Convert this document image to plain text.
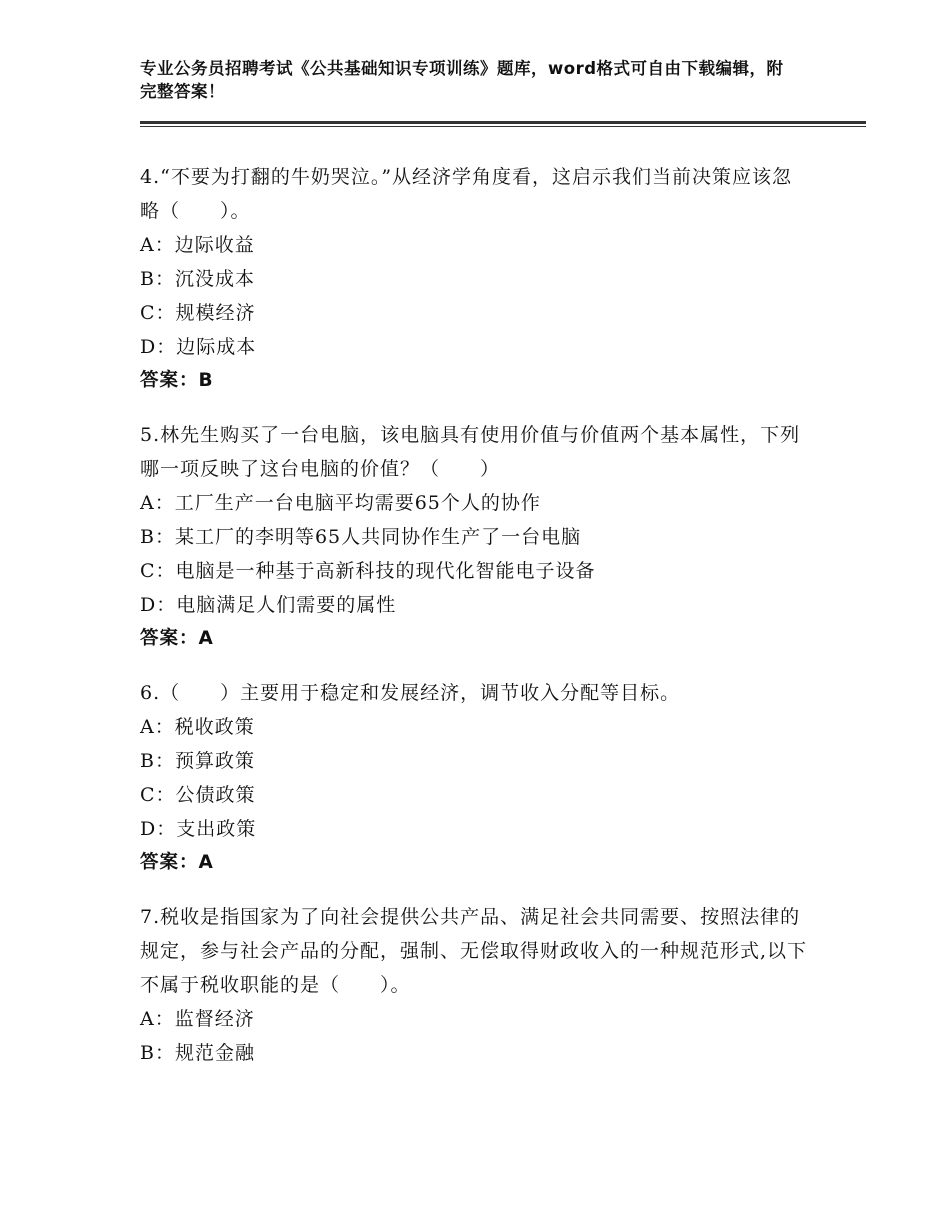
专业公务员招聘考试《公共基础知识专项训练》题库，word格式可自由下载编辑，附完整答案！
4.“不要为打翻的牛奶哭泣。”从经济学角度看，这启示我们当前决策应该忽略（　　）。
A：边际收益
B：沉没成本
C：规模经济
D：边际成本
答案：B
5.林先生购买了一台电脑，该电脑具有使用价值与价值两个基本属性，下列哪一项反映了这台电脑的价值？（　　）
A：工厂生产一台电脑平均需要65个人的协作
B：某工厂的李明等65人共同协作生产了一台电脑
C：电脑是一种基于高新科技的现代化智能电子设备
D：电脑满足人们需要的属性
答案：A
6.（　　）主要用于稳定和发展经济，调节收入分配等目标。
A：税收政策
B：预算政策
C：公债政策
D：支出政策
答案：A
7.税收是指国家为了向社会提供公共产品、满足社会共同需要、按照法律的规定，参与社会产品的分配，强制、无偿取得财政收入的一种规范形式,以下不属于税收职能的是（　　）。
A：监督经济
B：规范金融
